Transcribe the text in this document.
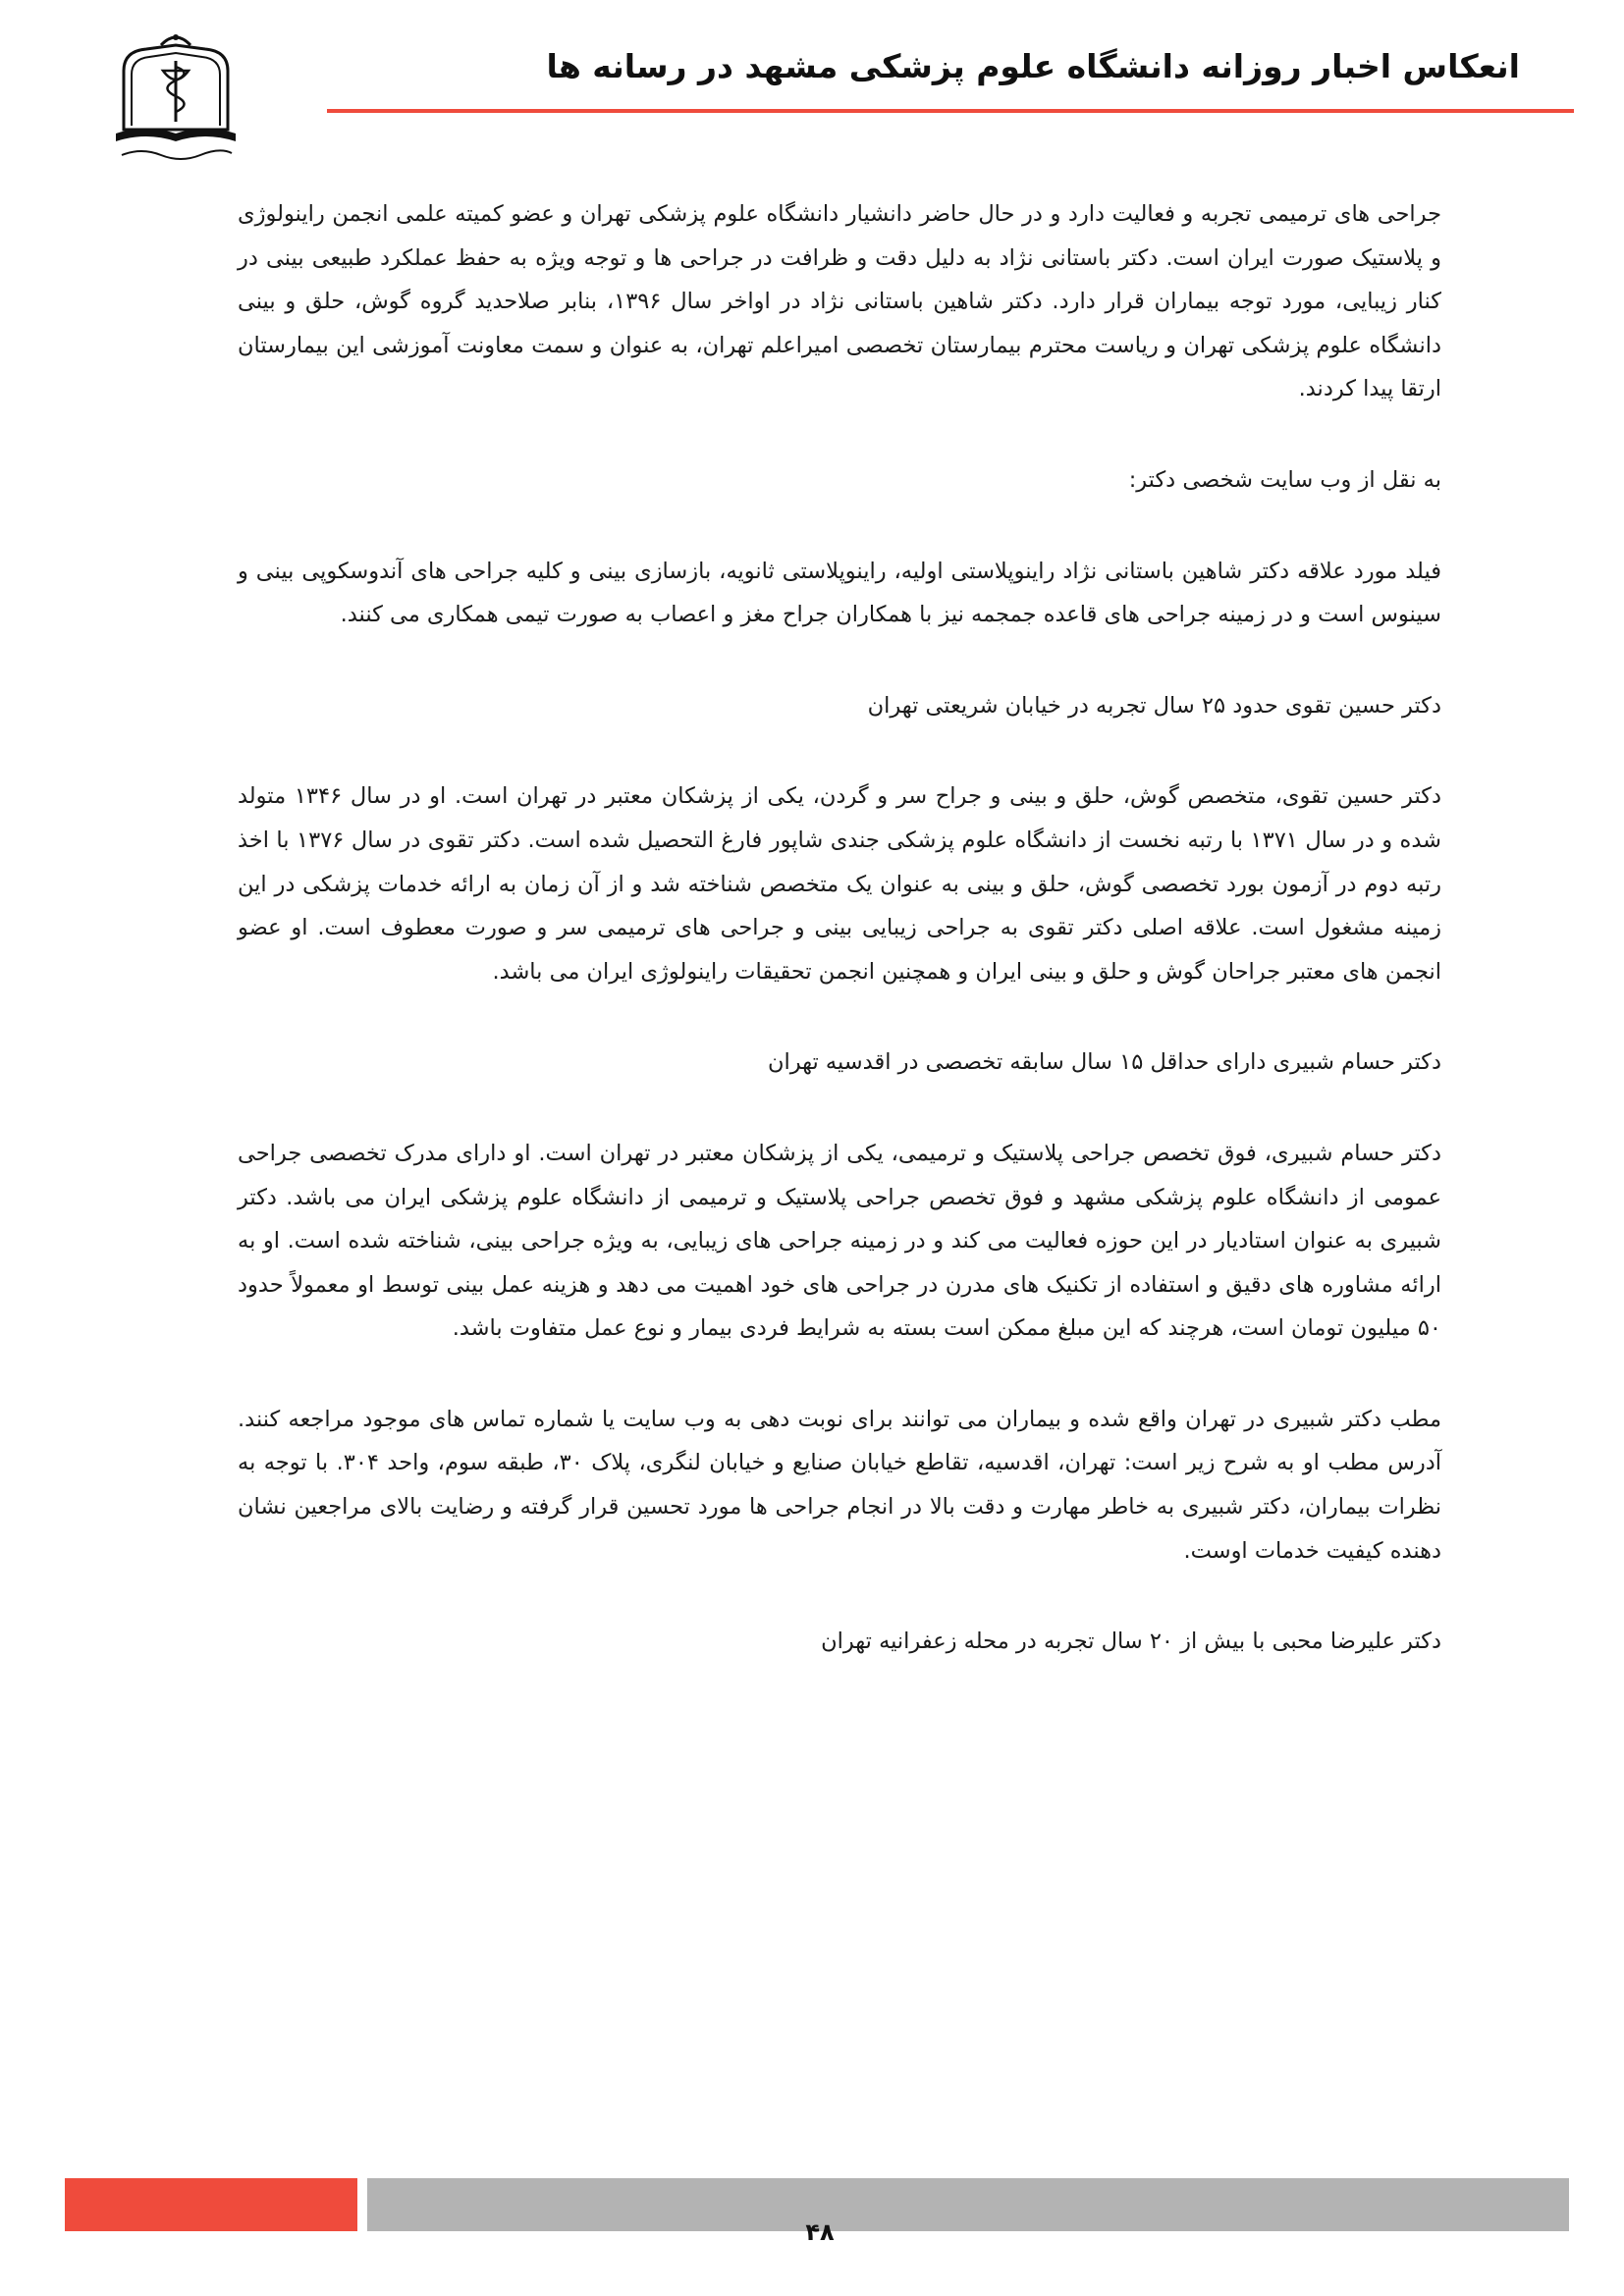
انعکاس اخبار روزانه دانشگاه علوم پزشکی مشهد در رسانه ها

جراحی های ترمیمی تجربه و فعالیت دارد و در حال حاضر دانشیار دانشگاه علوم پزشکی تهران و عضو کمیته علمی انجمن راینولوژی و پلاستیک صورت ایران است. دکتر باستانی نژاد به دلیل دقت و ظرافت در جراحی ها و توجه ویژه به حفظ عملکرد طبیعی بینی در کنار زیبایی، مورد توجه بیماران قرار دارد. دکتر شاهین باستانی نژاد در اواخر سال ۱۳۹۶، بنابر صلاحدید گروه گوش، حلق و بینی دانشگاه علوم پزشکی تهران و ریاست محترم بیمارستان تخصصی امیراعلم تهران، به عنوان و سمت معاونت آموزشی این بیمارستان ارتقا پیدا کردند.

به نقل از وب سایت شخصی دکتر:

فیلد مورد علاقه دکتر شاهین باستانی نژاد راینوپلاستی اولیه، راینوپلاستی ثانویه، بازسازی بینی و کلیه جراحی های آندوسکوپی بینی و سینوس است و در زمینه جراحی های قاعده جمجمه نیز با همکاران جراح مغز و اعصاب به صورت تیمی همکاری می کنند.

دکتر حسین تقوی حدود ۲۵ سال تجربه در خیابان شریعتی تهران

دکتر حسین تقوی، متخصص گوش، حلق و بینی و جراح سر و گردن، یکی از پزشکان معتبر در تهران است. او در سال ۱۳۴۶ متولد شده و در سال ۱۳۷۱ با رتبه نخست از دانشگاه علوم پزشکی جندی شاپور فارغ التحصیل شده است. دکتر تقوی در سال ۱۳۷۶ با اخذ رتبه دوم در آزمون بورد تخصصی گوش، حلق و بینی به عنوان یک متخصص شناخته شد و از آن زمان به ارائه خدمات پزشکی در این زمینه مشغول است. علاقه اصلی دکتر تقوی به جراحی زیبایی بینی و جراحی های ترمیمی سر و صورت معطوف است. او عضو انجمن های معتبر جراحان گوش و حلق و بینی ایران و همچنین انجمن تحقیقات راینولوژی ایران می باشد.

دکتر حسام شبیری دارای حداقل ۱۵ سال سابقه تخصصی در اقدسیه تهران

دکتر حسام شبیری، فوق تخصص جراحی پلاستیک و ترمیمی، یکی از پزشکان معتبر در تهران است. او دارای مدرک تخصصی جراحی عمومی از دانشگاه علوم پزشکی مشهد و فوق تخصص جراحی پلاستیک و ترمیمی از دانشگاه علوم پزشکی ایران می باشد. دکتر شبیری به عنوان استادیار در این حوزه فعالیت می کند و در زمینه جراحی های زیبایی، به ویژه جراحی بینی، شناخته شده است. او به ارائه مشاوره های دقیق و استفاده از تکنیک های مدرن در جراحی های خود اهمیت می دهد و هزینه عمل بینی توسط او معمولاً حدود ۵۰ میلیون تومان است، هرچند که این مبلغ ممکن است بسته به شرایط فردی بیمار و نوع عمل متفاوت باشد.

مطب دکتر شبیری در تهران واقع شده و بیماران می توانند برای نوبت دهی به وب سایت یا شماره تماس های موجود مراجعه کنند. آدرس مطب او به شرح زیر است: تهران، اقدسیه، تقاطع خیابان صنایع و خیابان لنگری، پلاک ۳۰، طبقه سوم، واحد ۳۰۴. با توجه به نظرات بیماران، دکتر شبیری به خاطر مهارت و دقت بالا در انجام جراحی ها مورد تحسین قرار گرفته و رضایت بالای مراجعین نشان دهنده کیفیت خدمات اوست.

دکتر علیرضا محبی با بیش از ۲۰ سال تجربه در محله زعفرانیه تهران

۴۸
